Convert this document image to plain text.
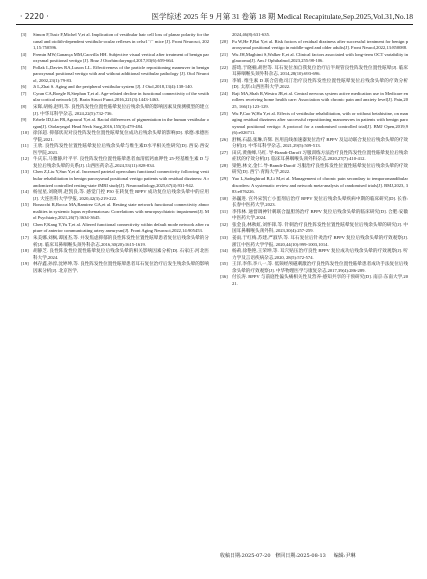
· 2220 ·	医学综述 2025 年 9 月第 31 卷第 18 期 Medical Recapitulate,Sep.2025,Vol.31,No.18

[3] Simon F,Tusir F,Michel V,et al. Implication of vestibular hair cell loss of planar polarity for the canal and otolith-dependent vestibulo-ocular reflexes in celsr1⁻/⁻ mice [J]. Front Neurosci, 2021,15:750596.

[4] Fremin MW,Ganança MM,Caovilla HH. Subjective visual vertical after treatment of benign paroxysmal positional vertigo [J]. Braz J Otorhinolaryngol,2017,83(6):659-664.

[5] Pollak L,Davies RA,Luxon LL. Effectiveness of the particle repositioning maneuver in benign paroxysmal positional vertigo with and without additional vestibular pathology [J]. Otol Neurotol, 2002,23(1):79-83.

[6] Ji L,Zhai S. Aging and the peripheral vestibular system [J]. J Otol,2018,13(4):138-140.

[7] Cyran CA,Boegle R,Stephan T,et al. Age-related decline in functional connectivity of the vestibular cortical network [J]. Brain Struct Funct,2016,221(3):1443-1463.

[8] 宋晖,胡杨,赵明,等. 良性阵发性位置性眩晕复位后残余头晕的影响因素及预测模型的建立[J]. 中华耳科学杂志, 2024,22(5):732-736.

[9] Erbele ID,Lin FR,Agrawal Y,et al. Racial differences of pigmentation in the human vestibular organ[J]. Otolaryngol Head Neck Surg,2016,155(3):479-484.

[10] 徐泽超. 抑郁状况对良性阵发性位置性眩晕复位成功后残余头晕的影响[D]. 承德:承德医学院,2021.

[11] 王欣. 良性阵发性位置性眩晕复位后残余头晕与维生素D水平相关性研究[D]. 西安:西安医学院,2021.

[12] 牛庆东,马雅静,叶平平. 良性阵发性位置性眩晕患者血清低钙血钾性 25-羟基维生素 D 与复位后残余头晕的关系[J]. 山西医药杂志,2024,53(11):828-834.

[13] Chen Z,Liu Y,Sun Y,et al. Increased parietal operculum functional connectivity following vestibular rehabilitation in benign paroxysmal positional vertigo patients with residual dizziness: A randomized controlled resting-state fMRI study[J]. Neuroradiology,2025,67(4):931-942.

[14] 杨星星,刘晓明,赵凯良,等. 感觉门控 P50 在转复性 BPPV 成功复位后残余头晕中的应用[J]. 大连医科大学学报, 2020,42(3):219-222.

[15] Bonacchi R,Rocca MA,Ramirez GA,et al. Resting state network functional connectivity abnormalities in systemic lupus erythematosus: Correlations with neuropsychiatric impairment[J]. Mol Psychiatry,2021,26(7):3634-3645.

[16] Chen F,Kang Y,Yu T,et al. Altered functional connectivity within default mode network after rupture of anterior communicating artery aneurysm[J]. Front Aging Neurosci,2022,14:905453.

[17] 朱美娜,刘枫,谭国杰,等. 并发焦虑抑郁的良性阵发性位置性眩晕患者复位后残余头晕的分析[J]. 临床耳鼻咽喉头颈外科杂志,2016,30(20):1615-1619.

[18] 胡静芝. 良性阵发性位置性眩晕复位后残余头晕的相关影响因素分析[D]. 石家庄:河北医科大学,2024.

[19] 林存鑫,孙淳,沈婷坤,等. 良性阵发性位置性眩晕患者耳石复位治疗后发生残余头晕的影响因素分析[J]. 北京医学,

2024,46(8):631-635.

[20] Fu W,He F,Bai Y,et al. Risk factors of residual dizziness after successful treatment for benign paroxysmal positional vertigo in middle-aged and older adults[J]. Front Neurol,2022,13:850088.

[21] Wu JH,Maghimi S,Walker E,et al. Clinical factors associated with long-term OCT variability in glaucoma[J]. Am J Ophthalmol,2023,255:98-106.

[22] 游琦,于晓楠,胡世等. 耳石复位加自我复位治疗后半规管良性阵发性位置性眩晕[J]. 临床耳鼻咽喉头颈外科杂志, 2014,28(10):693-696.

[23] 李娟. 维生素 D 联合倍他司汀治疗良性阵发性位置性眩晕复位后残余头晕的疗效分析[D]. 太原:山西医科大学,2022.

[24] Raji MA,Shah R,Westra JR,et al. Central nervous system active medication use in Medicare enrollees receiving home health care: Association with chronic pain and anxiety level[J]. Pain,2025, 166(1):123-129.

[25] Wu P,Cao W,Hu Y,et al. Effects of vestibular rehabilitation, with or without betahistine, on managing residual dizziness after successful repositioning manoeuvres in patients with benign paroxysmal positional vertigo: A protocol for a randomised controlled trial[J]. BMJ Open,2019,9(6):e026711.

[26] 舒畅,石磊,张琳,许辉. 医用直线加速器复位治疗 BPPV 及运动联合复位后残余头晕的疗效分析[J]. 中华耳科学杂志, 2021,29(5):509-513.

[27] 田庆,黄俊峰,马红. 导-Brandt-Daroff 习服训练方法治疗良性阵发性位置性眩晕复位后残余症状的疗效分析[J]. 临床耳鼻咽喉头颈外科杂志,2020,27(7):410-412.

[28] 梁艳,林文,金仁.导-Brandt-Daroff 习服治疗良性阵发性位置性眩晕复位后残余头晕的疗效研究[D]. 西宁:青海大学,2022.

[29] Yao L,Sadeghirad B,Li M,et al. Management of chronic pain secondary to temporomandibular disorders: A systematic review and network meta-analysis of randomised trials[J]. BMJ,2023, 383:e076226.

[30] 孙巍进. 宫外宋凯亡小蛋剂后治疗 BPPV 复位后残余头晕疾病中期的临床研究[D]. 长春:长春中医药大学,2023.

[31] 李伟林. 通督调神针刺联合温胆汤治疗 BPPV 复位后残余头晕的临床研究[D]. 合肥:安徽中医药大学,2024.

[32] 张金良,林秋虹,刘怀锋,等. 针刺治疗良性阵发性位置性眩晕复位后残余头晕的研究[J]. 中国耳鼻咽喉头颈外科, 2023,30(4):257-259.

[33] 姜雨,于红梅,苏建,严淑华,等. 耳石复位后针灸治疗 BPPV 复位后残余头晕的疗效观察[J]. 浙江中医药大学学报, 2020,44(10):999-1003,1014.

[34] 杨莉,徐艳艳,王荣坤,等. 耳穴贴压治疗良性 BPPV 复位成功后残余头晕的疗效观察[J]. 听力学及言语疾病杂志,2020, 28(5):572-574.

[35] 王洋,李伟,李八一,等. 低频经颅磁刺激治疗良性阵发性位置性眩晕患者成功手法复位后残余头晕的疗效观察[J]. 中华物理医学与康复杂志,2017,39(4):286-289.

[36] 付长涛. BPPV 与前庭性偏头痛相关性及营养-感知共享的干预研究[D]. 南京:东南大学,2021.

收稿日期:2025-07-20 修回日期:2025-08-13 编辑:尹琳
